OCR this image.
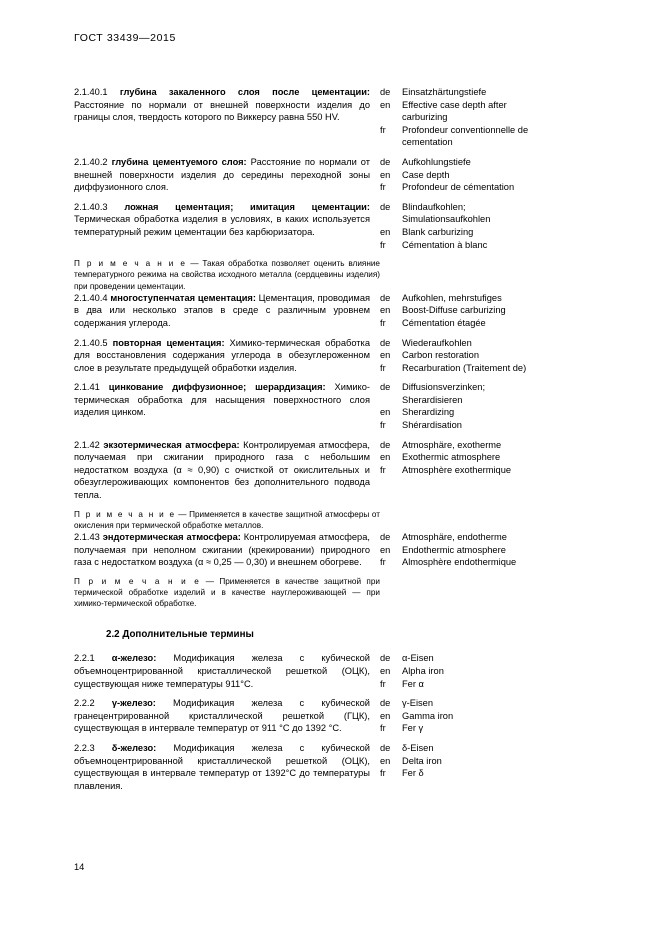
ГОСТ 33439—2015
2.1.40.1 глубина закаленного слоя после цементации: Расстояние по нормали от внешней поверхности изделия до границы слоя, твердость которого по Виккерсу равна 550 HV.
de
en

fr

Einsatzhärtungstiefe
Effective case depth after
carburizing
Profondeur conventionnelle de
cementation
2.1.40.2 глубина цементуемого слоя: Расстояние по нормали от внешней поверхности изделия до середины переходной зоны диффузионного слоя.
de
en
fr
Aufkohlungstiefe
Case depth
Profondeur de cémentation
2.1.40.3 ложная цементация; имитация цементации: Термическая обработка изделия в условиях, в каких используется температурный режим цементации без карбюризатора.
de

en
fr
Blindaufkohlen;
Simulationsaufkohlen
Blank carburizing
Cémentation à blanc
П р и м е ч а н и е — Такая обработка позволяет оценить влияние температурного режима на свойства исходного металла (сердцевины изделия) при проведении цементации.
2.1.40.4 многоступенчатая цементация: Цементация, проводимая в два или несколько этапов в среде с различным уровнем содержания углерода.
de
en
fr
Aufkohlen, mehrstufiges
Boost-Diffuse carburizing
Cémentation étagée
2.1.40.5 повторная цементация: Химико-термическая обработка для восстановления содержания углерода в обезуглероженном слое в результате предыдущей обработки изделия.
de
en
fr
Wiederaufkohlen
Carbon restoration
Recarburation (Traitement de)
2.1.41 цинкование диффузионное; шерардизация: Химико-термическая обработка для насыщения поверхностного слоя изделия цинком.
de

en
fr
Diffusionsverzinken;
Sherardisieren
Sherardizing
Shérardisation
2.1.42 экзотермическая атмосфера: Контролируемая атмосфера, получаемая при сжигании природного газа с небольшим недостатком воздуха (α ≈ 0,90) с очисткой от окислительных и обезуглероживающих компонентов без дополнительного подвода тепла.
de
en
fr
Atmosphäre, exotherme
Exothermic atmosphere
Atmosphère exothermique
П р и м е ч а н и е — Применяется в качестве защитной атмосферы от окисления при термической обработке металлов.
2.1.43 эндотермическая атмосфера: Контролируемая атмосфера, получаемая при неполном сжигании (крекировании) природного газа с недостатком воздуха (α ≈ 0,25 — 0,30) и внешнем обогреве.
de
en
fr
Atmosphäre, endotherme
Endothermic atmosphere
Almosphère endothermique
П р и м е ч а н и е — Применяется в качестве защитной при термической обработке изделий и в качестве науглероживающей — при химико-термической обработке.
2.2 Дополнительные термины
2.2.1 α-железо: Модификация железа с кубической объемноцентрированной кристаллической решеткой (ОЦК), существующая ниже температуры 911°С.
de
en
fr
α-Eisen
Alpha iron
Fer α
2.2.2 γ-железо: Модификация железа с кубической гранецентрированной кристаллической решеткой (ГЦК), существующая в интервале температур от 911 °С до 1392 °С.
de
en
fr
γ-Eisen
Gamma iron
Fer γ
2.2.3 δ-железо: Модификация железа с кубической объемноцентрированной кристаллической решеткой (ОЦК), существующая в интервале температур от 1392°С до температуры плавления.
de
en
fr
δ-Eisen
Delta iron
Fer δ
14
